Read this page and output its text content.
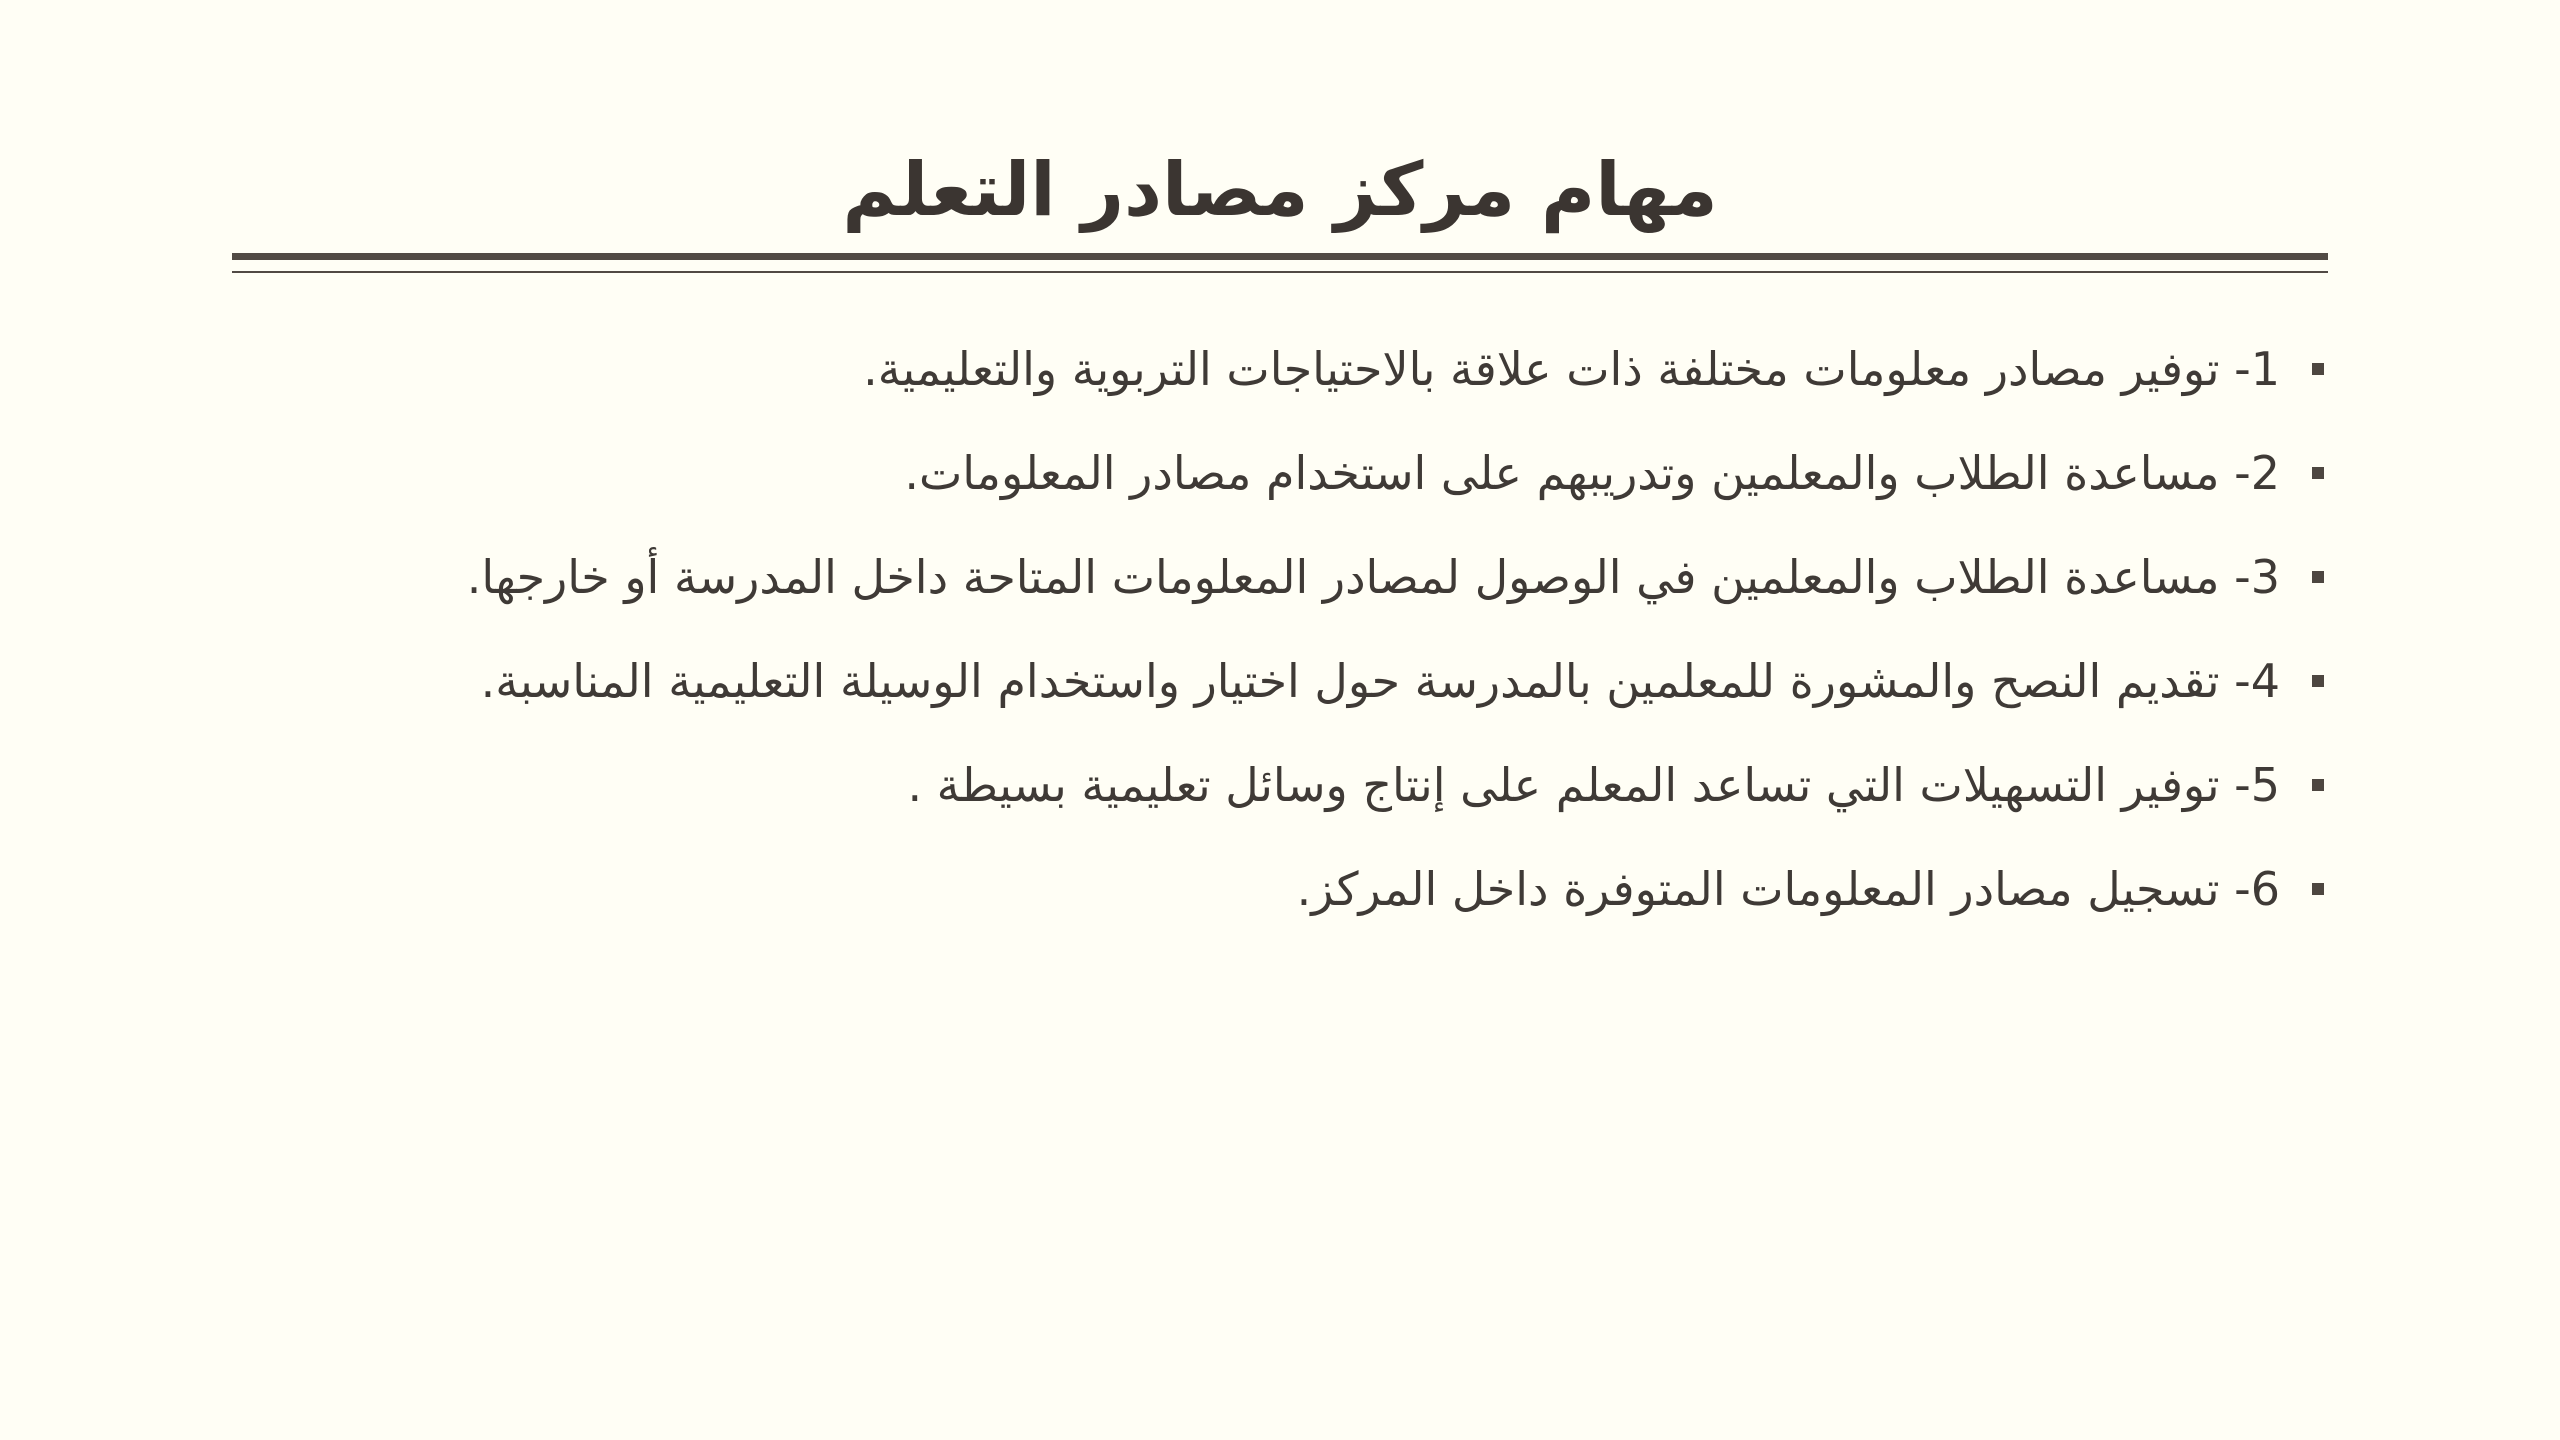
مهام مركز مصادر التعلم
1- توفير مصادر معلومات مختلفة ذات علاقة بالاحتياجات التربوية والتعليمية.
2- مساعدة الطلاب والمعلمين وتدريبهم على استخدام مصادر المعلومات.
3- مساعدة الطلاب والمعلمين في الوصول لمصادر المعلومات المتاحة داخل المدرسة أو خارجها.
4- تقديم النصح والمشورة للمعلمين بالمدرسة حول اختيار واستخدام الوسيلة التعليمية المناسبة.
5- توفير التسهيلات التي تساعد المعلم على إنتاج وسائل تعليمية بسيطة .
6- تسجيل مصادر المعلومات المتوفرة داخل المركز.
